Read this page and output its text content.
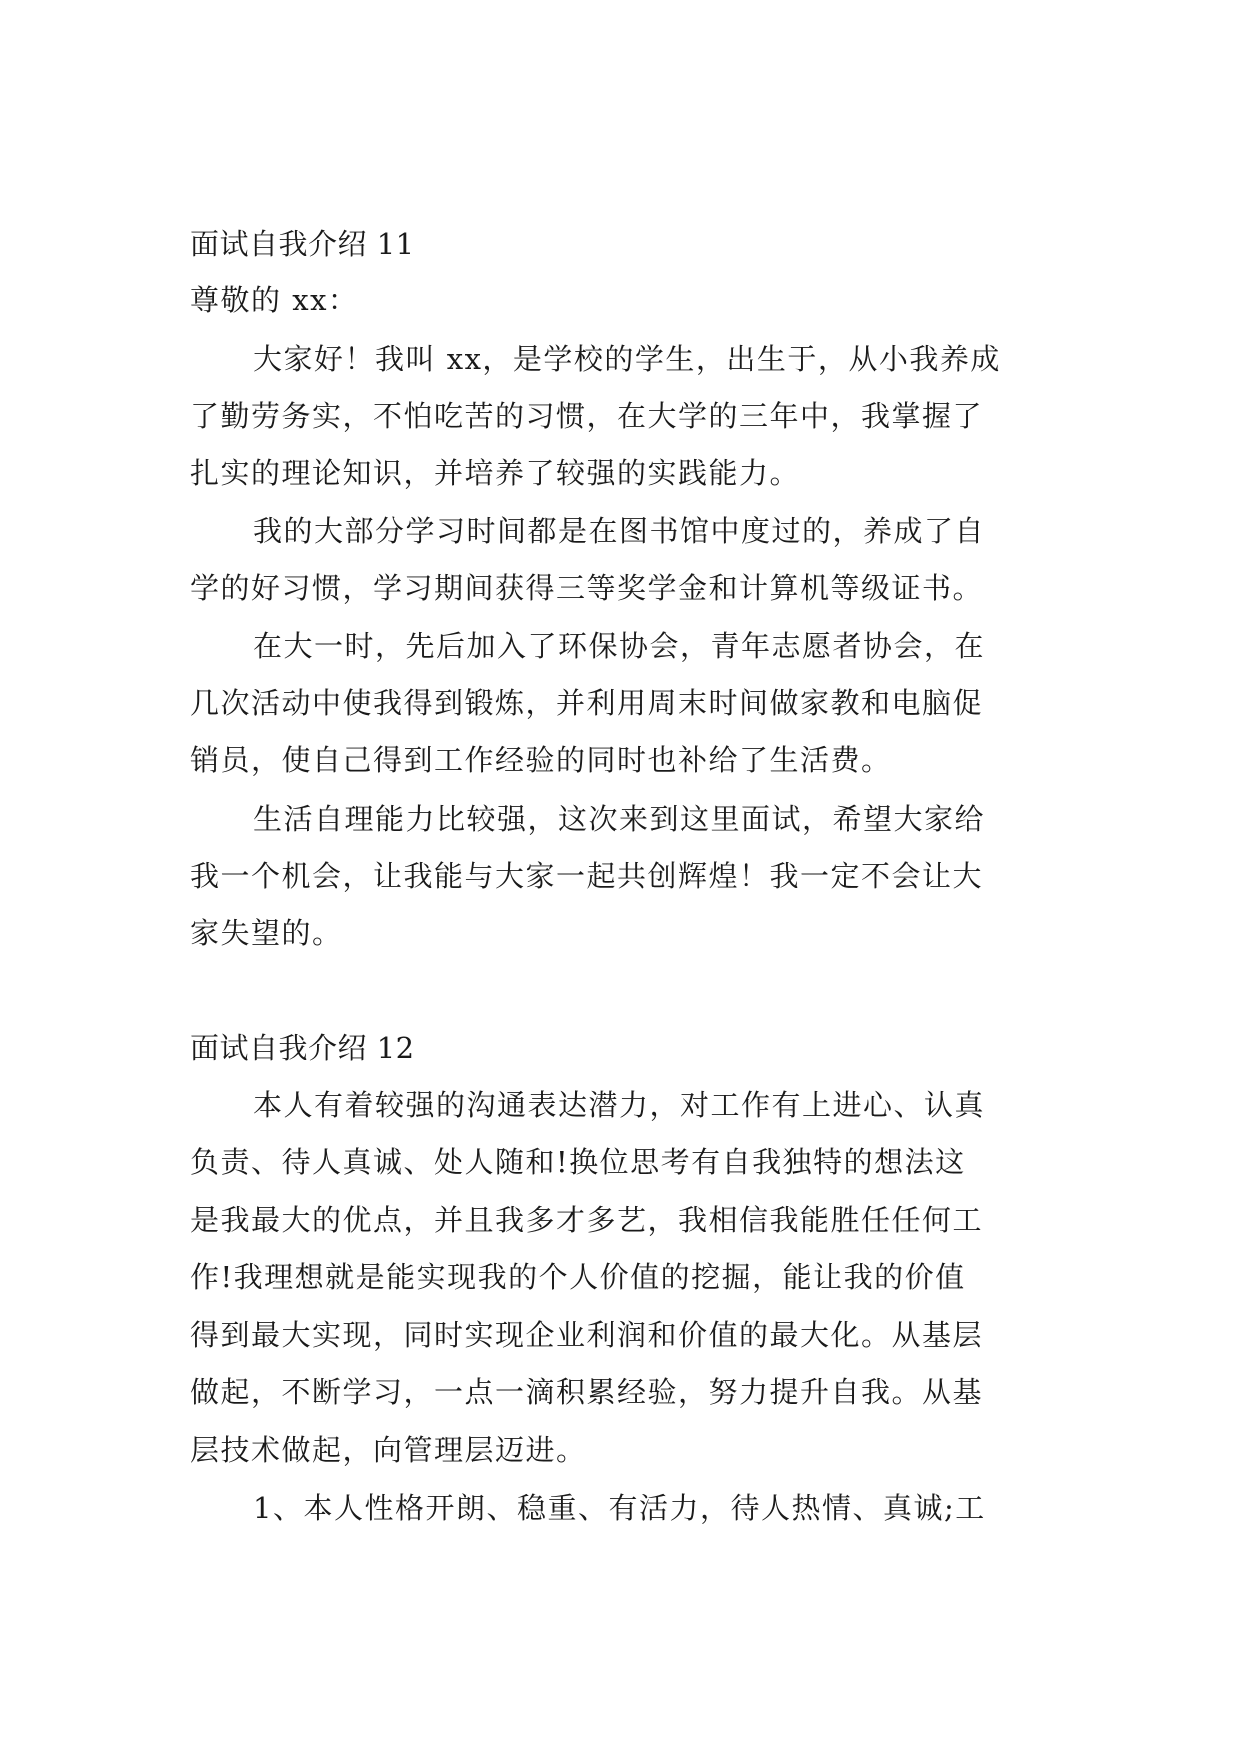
面试自我介绍 11
尊敬的 xx：
大家好！我叫 xx，是学校的学生，出生于，从小我养成
了勤劳务实，不怕吃苦的习惯，在大学的三年中，我掌握了
扎实的理论知识，并培养了较强的实践能力。
我的大部分学习时间都是在图书馆中度过的，养成了自
学的好习惯，学习期间获得三等奖学金和计算机等级证书。
在大一时，先后加入了环保协会，青年志愿者协会，在
几次活动中使我得到锻炼，并利用周末时间做家教和电脑促
销员，使自己得到工作经验的同时也补给了生活费。
生活自理能力比较强，这次来到这里面试，希望大家给
我一个机会，让我能与大家一起共创辉煌！我一定不会让大
家失望的。
面试自我介绍 12
本人有着较强的沟通表达潜力，对工作有上进心、认真
负责、待人真诚、处人随和!换位思考有自我独特的想法这
是我最大的优点，并且我多才多艺，我相信我能胜任任何工
作!我理想就是能实现我的个人价值的挖掘，能让我的价值
得到最大实现，同时实现企业利润和价值的最大化。从基层
做起，不断学习，一点一滴积累经验，努力提升自我。从基
层技术做起，向管理层迈进。
1、本人性格开朗、稳重、有活力，待人热情、真诚;工
